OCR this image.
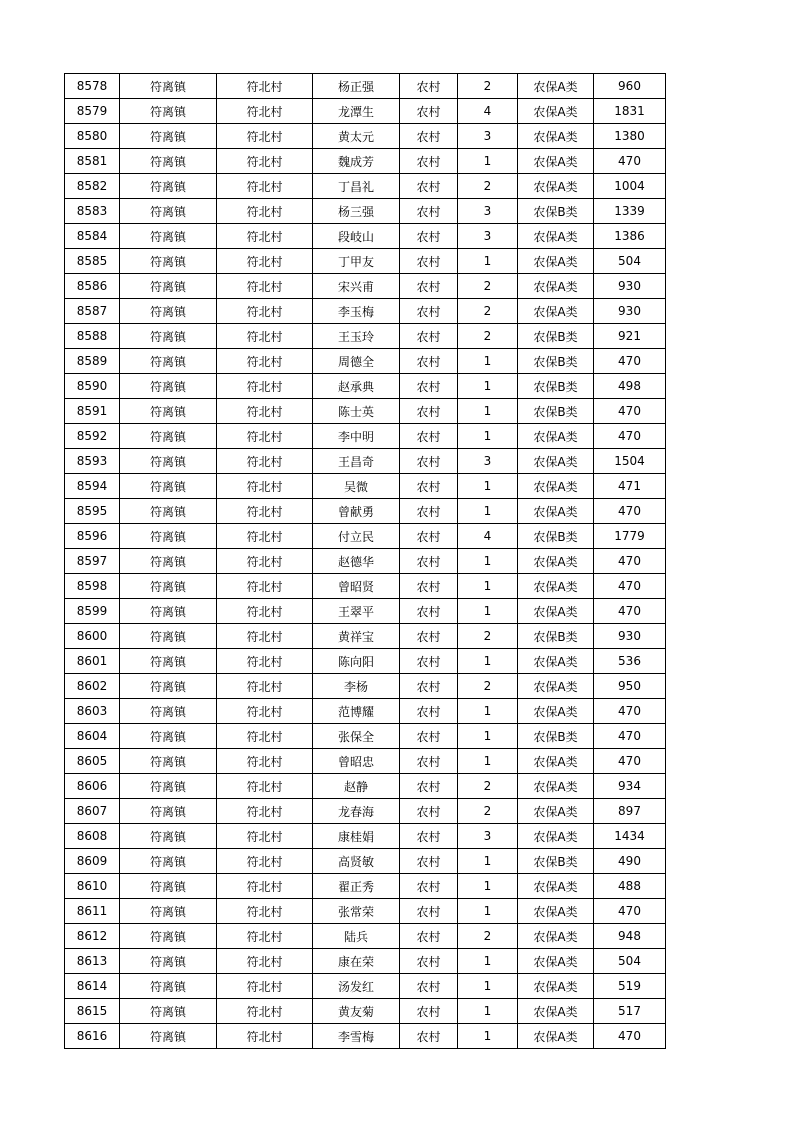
8578	符离镇	符北村	杨正强	农村	2	农保A类	960
8579	符离镇	符北村	龙潭生	农村	4	农保A类	1831
8580	符离镇	符北村	黄太元	农村	3	农保A类	1380
8581	符离镇	符北村	魏成芳	农村	1	农保A类	470
8582	符离镇	符北村	丁昌礼	农村	2	农保A类	1004
8583	符离镇	符北村	杨三强	农村	3	农保B类	1339
8584	符离镇	符北村	段岐山	农村	3	农保A类	1386
8585	符离镇	符北村	丁甲友	农村	1	农保A类	504
8586	符离镇	符北村	宋兴甫	农村	2	农保A类	930
8587	符离镇	符北村	李玉梅	农村	2	农保A类	930
8588	符离镇	符北村	王玉玲	农村	2	农保B类	921
8589	符离镇	符北村	周德全	农村	1	农保B类	470
8590	符离镇	符北村	赵承典	农村	1	农保B类	498
8591	符离镇	符北村	陈士英	农村	1	农保B类	470
8592	符离镇	符北村	李中明	农村	1	农保A类	470
8593	符离镇	符北村	王昌奇	农村	3	农保A类	1504
8594	符离镇	符北村	吴微	农村	1	农保A类	471
8595	符离镇	符北村	曾献勇	农村	1	农保A类	470
8596	符离镇	符北村	付立民	农村	4	农保B类	1779
8597	符离镇	符北村	赵德华	农村	1	农保A类	470
8598	符离镇	符北村	曾昭贤	农村	1	农保A类	470
8599	符离镇	符北村	王翠平	农村	1	农保A类	470
8600	符离镇	符北村	黄祥宝	农村	2	农保B类	930
8601	符离镇	符北村	陈向阳	农村	1	农保A类	536
8602	符离镇	符北村	李杨	农村	2	农保A类	950
8603	符离镇	符北村	范博耀	农村	1	农保A类	470
8604	符离镇	符北村	张保全	农村	1	农保B类	470
8605	符离镇	符北村	曾昭忠	农村	1	农保A类	470
8606	符离镇	符北村	赵静	农村	2	农保A类	934
8607	符离镇	符北村	龙春海	农村	2	农保A类	897
8608	符离镇	符北村	康桂娟	农村	3	农保A类	1434
8609	符离镇	符北村	高贤敏	农村	1	农保B类	490
8610	符离镇	符北村	翟正秀	农村	1	农保A类	488
8611	符离镇	符北村	张常荣	农村	1	农保A类	470
8612	符离镇	符北村	陆兵	农村	2	农保A类	948
8613	符离镇	符北村	康在荣	农村	1	农保A类	504
8614	符离镇	符北村	汤发红	农村	1	农保A类	519
8615	符离镇	符北村	黄友菊	农村	1	农保A类	517
8616	符离镇	符北村	李雪梅	农村	1	农保A类	470
